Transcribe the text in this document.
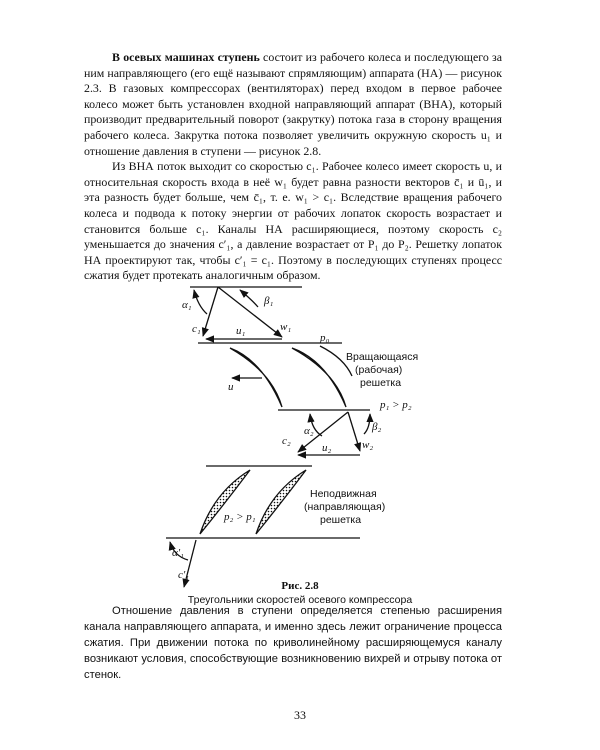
В осевых машинах ступень состоит из рабочего колеса и последующего за ним направляющего (его ещё называют спрямляющим) аппарата (НА) — рисунок 2.3. В газовых компрессорах (вентиляторах) перед входом в первое рабочее колесо может быть установлен входной направляющий аппарат (ВНА), который производит предварительный поворот (закрутку) потока газа в сторону вращения рабочего колеса. Закрутка потока позволяет увеличить окружную скорость u₁ и отношение давления в ступени — рисунок 2.8.

Из ВНА поток выходит со скоростью c₁. Рабочее колесо имеет скорость u, и относительная скорость входа в неё w₁ будет равна разности векторов c̄₁ и ū₁, и эта разность будет больше, чем c̄₁, т. е. w₁ > c₁. Вследствие вращения рабочего колеса и подвода к потоку энергии от рабочих лопаток скорость возрастает и становится больше c₁. Каналы НА расширяющиеся, поэтому скорость c₂ уменьшается до значения c′₁, а давление возрастает от P₁ до P₂. Решетку лопаток НА проектируют так, чтобы c′₁ = c₁. Поэтому в последующих ступенях процесс сжатия будет протекать аналогичным образом.

α₁	β₁
c₁	u₁	w₁
p₀
u
p₁ > p₂
α₂	β₂
c₂
u₂	w₂
p₂ > p₁
α′₁
c′₁
Вращающаяся
(рабочая)
решетка
Неподвижная
(направляющая)
решетка
Рис. 2.8
Треугольники скоростей осевого компрессора

Отношение давления в ступени определяется степенью расширения канала направляющего аппарата, и именно здесь лежит ограничение процесса сжатия. При движении потока по криволинейному расширяющемуся каналу возникают условия, способствующие возникновению вихрей и отрыву потока от стенок.

33
